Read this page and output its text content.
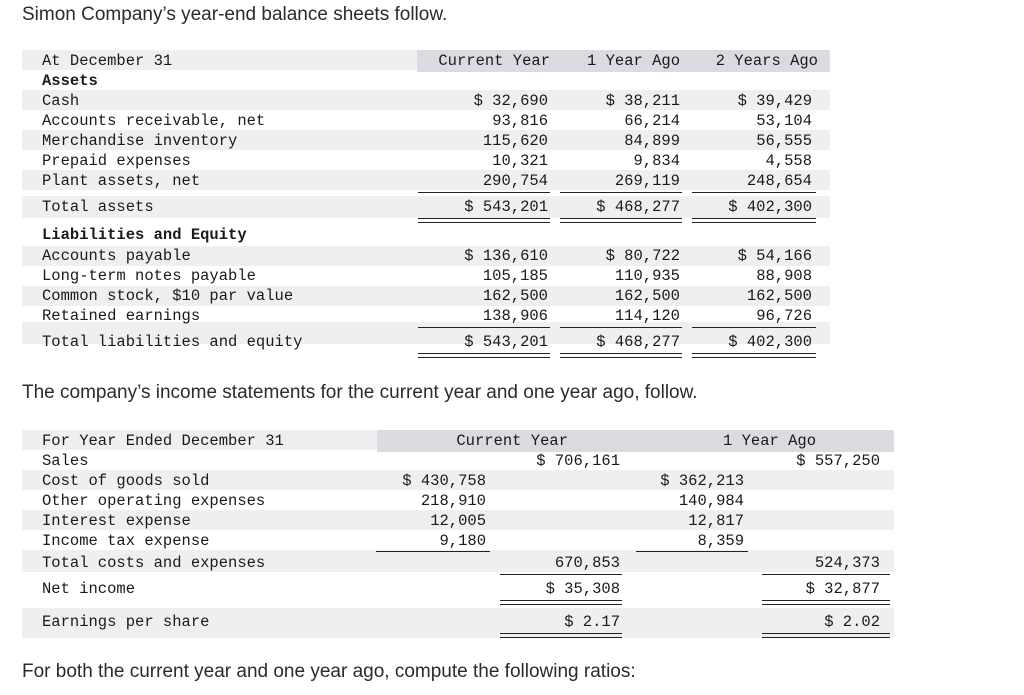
Simon Company’s year-end balance sheets follow.
At December 31	Current Year	1 Year Ago	2 Years Ago
Assets
Cash	$ 32,690	$ 38,211	$ 39,429
Accounts receivable, net	93,816	66,214	53,104
Merchandise inventory	115,620	84,899	56,555
Prepaid expenses	10,321	9,834	4,558
Plant assets, net	290,754	269,119	248,654
Total assets	$ 543,201	$ 468,277	$ 402,300
Liabilities and Equity
Accounts payable	$ 136,610	$ 80,722	$ 54,166
Long-term notes payable	105,185	110,935	88,908
Common stock, $10 par value	162,500	162,500	162,500
Retained earnings	138,906	114,120	96,726
Total liabilities and equity	$ 543,201	$ 468,277	$ 402,300
The company’s income statements for the current year and one year ago, follow.
For Year Ended December 31	Current Year	1 Year Ago
Sales	$ 706,161	$ 557,250
Cost of goods sold	$ 430,758	$ 362,213
Other operating expenses	218,910	140,984
Interest expense	12,005	12,817
Income tax expense	9,180	8,359
Total costs and expenses	670,853	524,373
Net income	$ 35,308	$ 32,877
Earnings per share	$ 2.17	$ 2.02
For both the current year and one year ago, compute the following ratios:
